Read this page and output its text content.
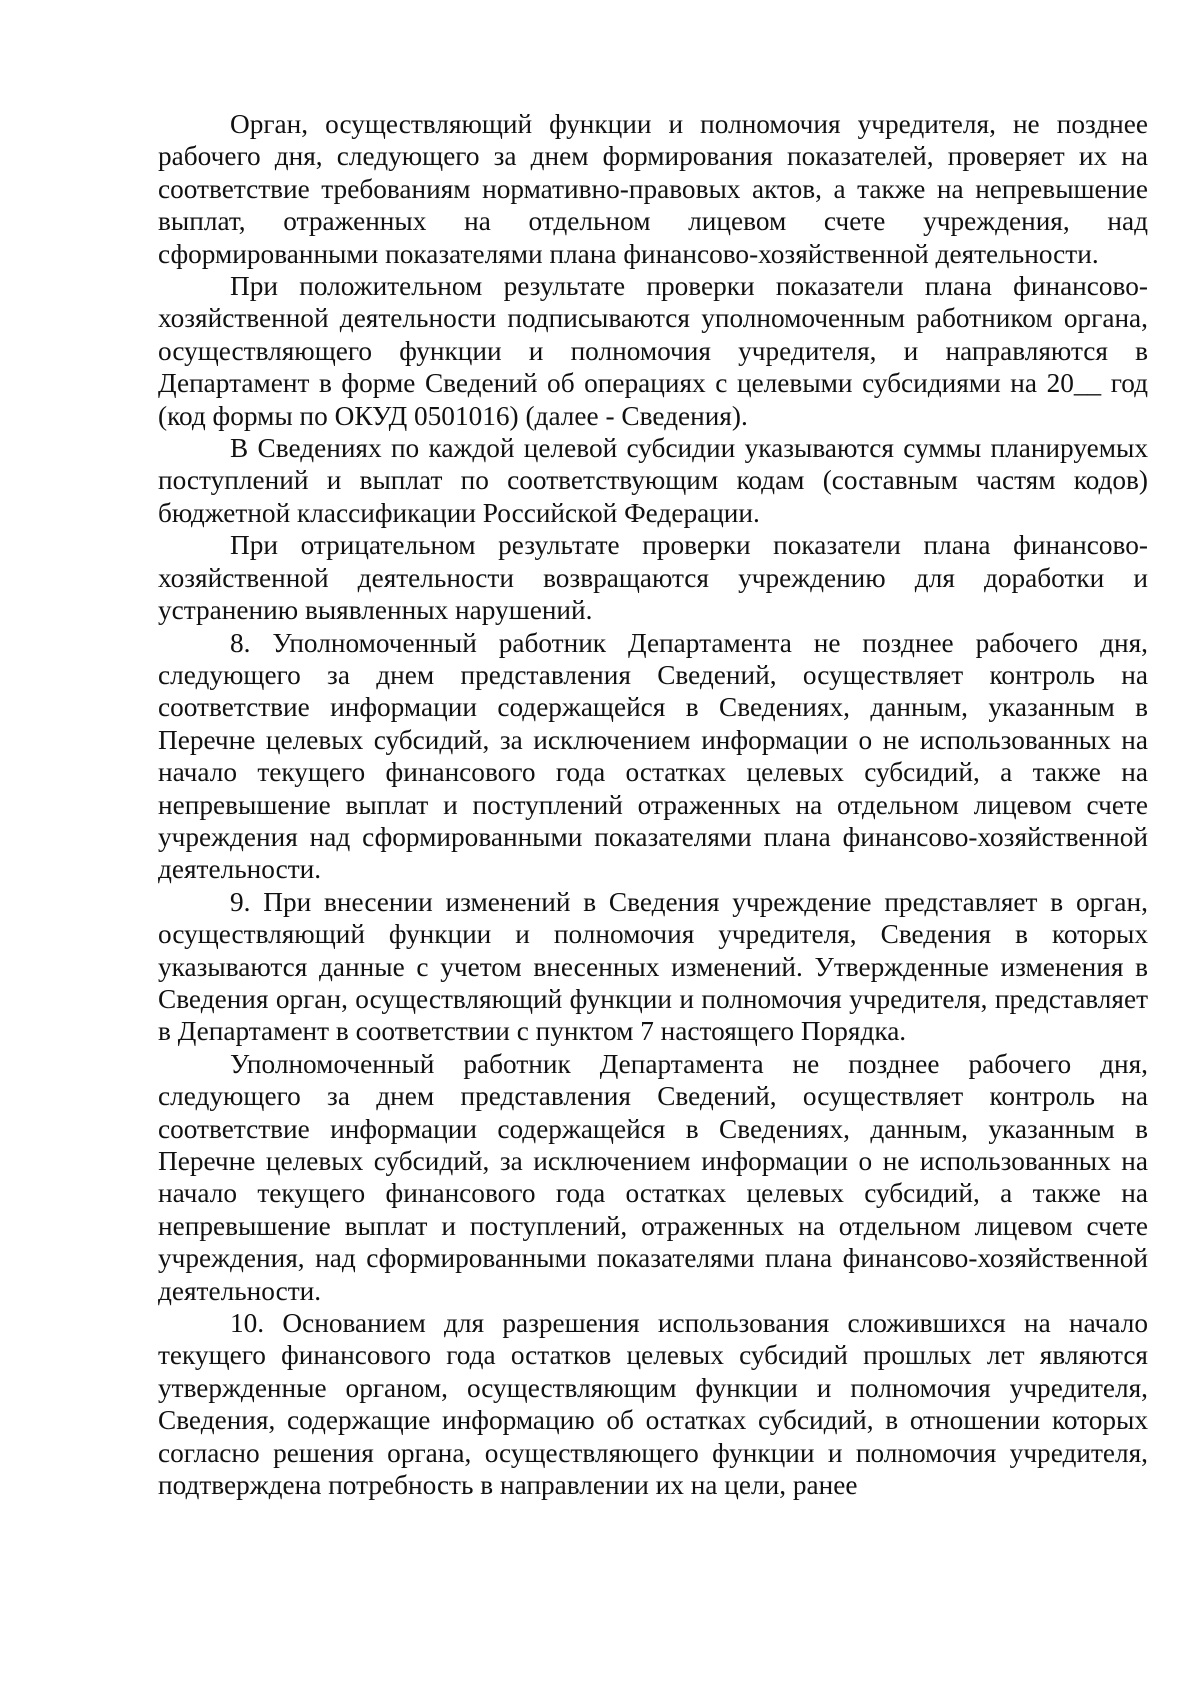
Орган, осуществляющий функции и полномочия учредителя, не позднее рабочего дня, следующего за днем формирования показателей, проверяет их на соответствие требованиям нормативно-правовых актов, а также на непревышение выплат, отраженных на отдельном лицевом счете учреждения, над сформированными показателями плана финансово-хозяйственной деятельности.

При положительном результате проверки показатели плана финансово-хозяйственной деятельности подписываются уполномоченным работником органа, осуществляющего функции и полномочия учредителя, и направляются в Департамент в форме Сведений об операциях с целевыми субсидиями на 20__ год (код формы по ОКУД 0501016) (далее - Сведения).

В Сведениях по каждой целевой субсидии указываются суммы планируемых поступлений и выплат по соответствующим кодам (составным частям кодов) бюджетной классификации Российской Федерации.

При отрицательном результате проверки показатели плана финансово-хозяйственной деятельности возвращаются учреждению для доработки и устранению выявленных нарушений.

8. Уполномоченный работник Департамента не позднее рабочего дня, следующего за днем представления Сведений, осуществляет контроль на соответствие информации содержащейся в Сведениях, данным, указанным в Перечне целевых субсидий, за исключением информации о не использованных на начало текущего финансового года остатках целевых субсидий, а также на непревышение выплат и поступлений отраженных на отдельном лицевом счете учреждения над сформированными показателями плана финансово-хозяйственной деятельности.

9. При внесении изменений в Сведения учреждение представляет в орган, осуществляющий функции и полномочия учредителя, Сведения в которых указываются данные с учетом внесенных изменений. Утвержденные изменения в Сведения орган, осуществляющий функции и полномочия учредителя, представляет в Департамент в соответствии с пунктом 7 настоящего Порядка.

Уполномоченный работник Департамента не позднее рабочего дня, следующего за днем представления Сведений, осуществляет контроль на соответствие информации содержащейся в Сведениях, данным, указанным в Перечне целевых субсидий, за исключением информации о не использованных на начало текущего финансового года остатках целевых субсидий, а также на непревышение выплат и поступлений, отраженных на отдельном лицевом счете учреждения, над сформированными показателями плана финансово-хозяйственной деятельности.

10. Основанием для разрешения использования сложившихся на начало текущего финансового года остатков целевых субсидий прошлых лет являются утвержденные органом, осуществляющим функции и полномочия учредителя, Сведения, содержащие информацию об остатках субсидий, в отношении которых согласно решения органа, осуществляющего функции и полномочия учредителя, подтверждена потребность в направлении их на цели, ранее
